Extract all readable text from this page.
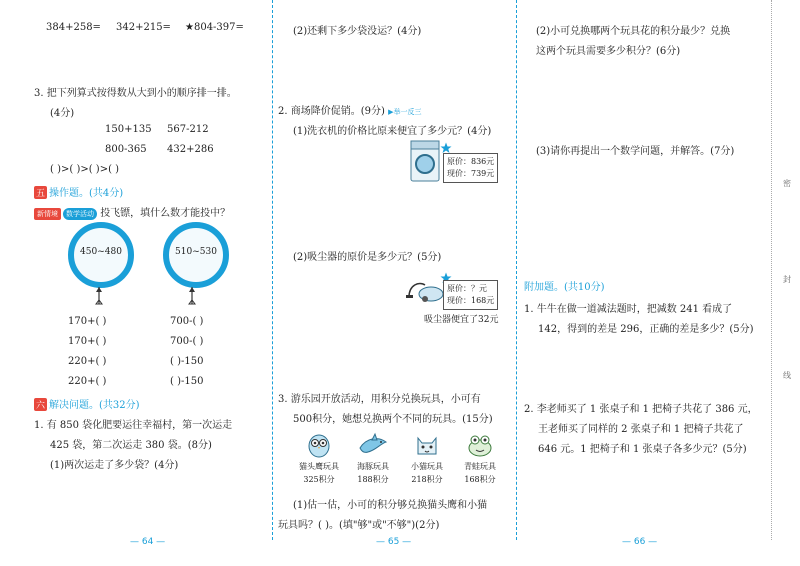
384+258= 342+215= ★804-397=
3. 把下列算式按得数从大到小的顺序排一排。
(4分)
150+135 567-212
800-365 432+286
( )>( )>( )>( )
五 操作题。(共4分)
新情境 数学活动 投飞镖，填什么数才能投中？
450~480	510~530
170+( )
170+( )
220+( )
220+( )
700-( )
700-( )
( )-150
( )-150
六 解决问题。(共32分)
1. 有 850 袋化肥要运往幸福村，第一次运走
425 袋，第二次运走 380 袋。(8分)
(1)两次运走了多少袋？(4分)
— 64 —
(2)还剩下多少袋没运？(4分)
2. 商场降价促销。(9分) ▶举一反三
(1)洗衣机的价格比原来便宜了多少元？(4分)
原价：836元
现价：739元
(2)吸尘器的原价是多少元？(5分)
原价：？元
现价：168元
吸尘器便宜了32元
3. 游乐园开放活动，用积分兑换玩具，小可有
500积分，她想兑换两个不同的玩具。(15分)
猫头鹰玩具
325积分
海豚玩具
188积分
小猫玩具
218积分
青蛙玩具
168积分
(1)估一估，小可的积分够兑换猫头鹰和小猫
玩具吗？( )。(填"够"或"不够")(2分)
— 65 —
(2)小可兑换哪两个玩具花的积分最少？兑换
这两个玩具需要多少积分？(6分)
(3)请你再提出一个数学问题，并解答。(7分)
附加题。(共10分)
1. 牛牛在做一道减法题时，把减数 241 看成了
142，得到的差是 296，正确的差是多少？(5分)
2. 李老师买了 1 张桌子和 1 把椅子共花了 386 元，
王老师买了同样的 2 张桌子和 1 把椅子共花了
646 元。1 把椅子和 1 张桌子各多少元？(5分)
— 66 —
密
封
线
